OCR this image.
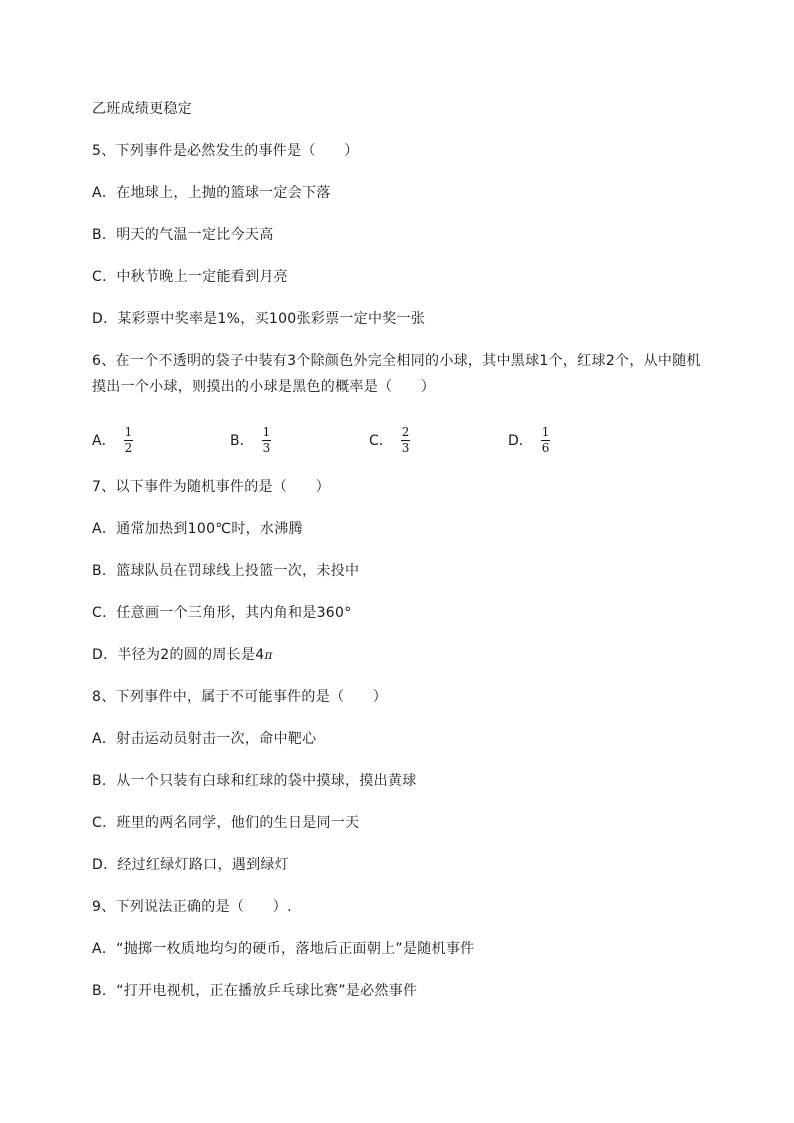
乙班成绩更稳定
5、下列事件是必然发生的事件是（　　）
A．在地球上，上抛的篮球一定会下落
B．明天的气温一定比今天高
C．中秋节晚上一定能看到月亮
D．某彩票中奖率是1%，买100张彩票一定中奖一张
6、在一个不透明的袋子中装有3个除颜色外完全相同的小球，其中黑球1个，红球2个，从中随机
摸出一个小球，则摸出的小球是黑色的概率是（　　）
A． $\frac{1}{2}$	B． $\frac{1}{3}$	C． $\frac{2}{3}$	D． $\frac{1}{6}$
7、以下事件为随机事件的是（　　）
A．通常加热到100℃时，水沸腾
B．篮球队员在罚球线上投篮一次，未投中
C．任意画一个三角形，其内角和是360°
D．半径为2的圆的周长是4π
8、下列事件中，属于不可能事件的是（　　）
A．射击运动员射击一次，命中靶心
B．从一个只装有白球和红球的袋中摸球，摸出黄球
C．班里的两名同学，他们的生日是同一天
D．经过红绿灯路口，遇到绿灯
9、下列说法正确的是（　　）.
A．“抛掷一枚质地均匀的硬币，落地后正面朝上”是随机事件
B．“打开电视机，正在播放乒乓球比赛”是必然事件
